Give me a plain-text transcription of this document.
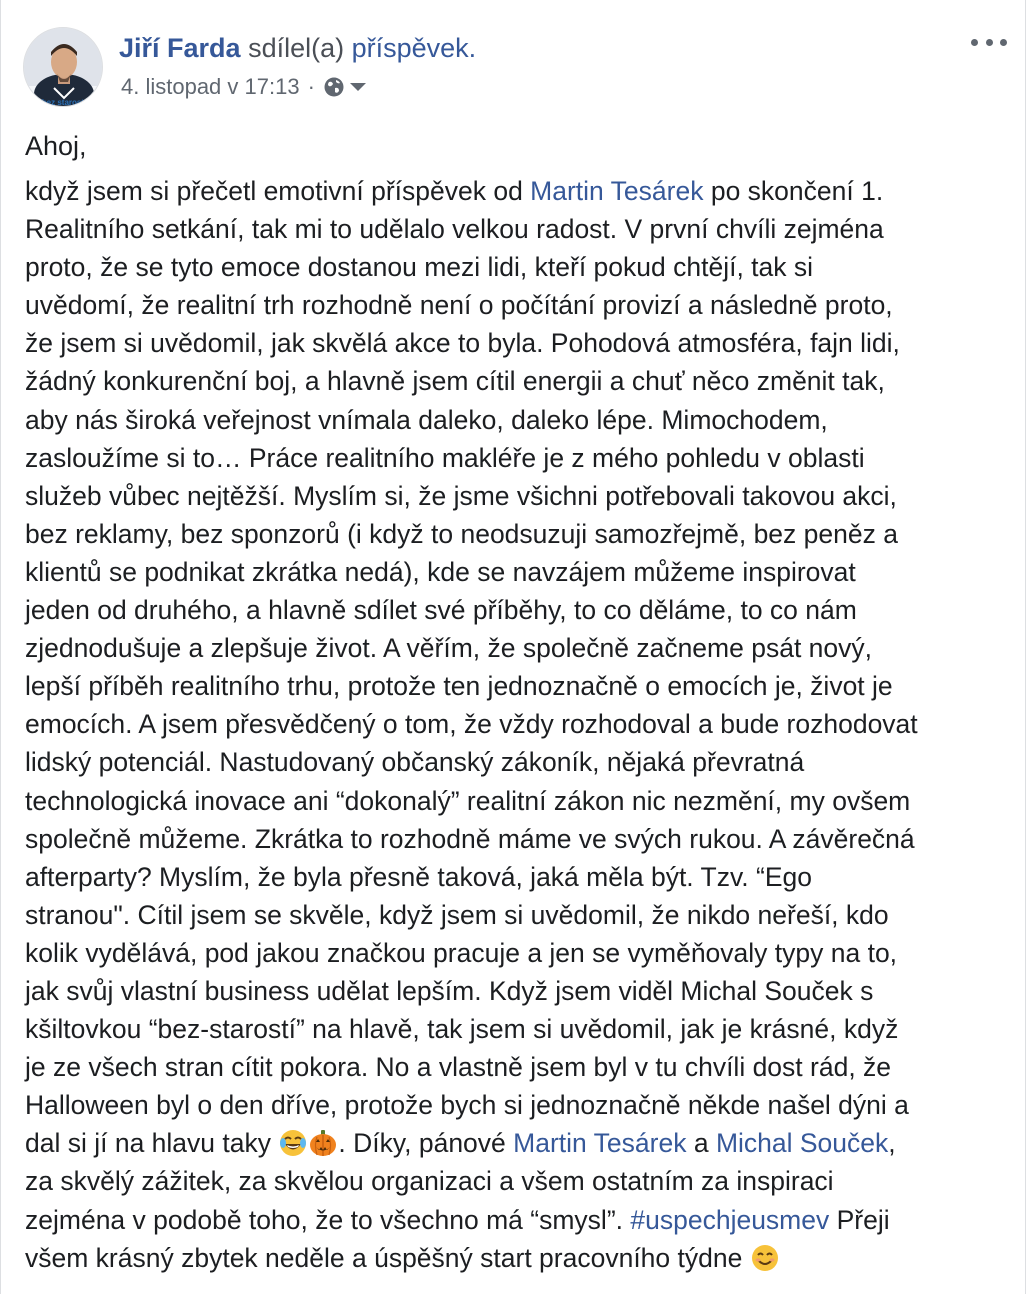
bez starostí
Jiří Farda sdílel(a) příspěvek.
4. listopad v 17:13 ·
Ahoj,
když jsem si přečetl emotivní příspěvek od Martin Tesárek po skončení 1.
Realitního setkání, tak mi to udělalo velkou radost. V první chvíli zejména
proto, že se tyto emoce dostanou mezi lidi, kteří pokud chtějí, tak si
uvědomí, že realitní trh rozhodně není o počítání provizí a následně proto,
že jsem si uvědomil, jak skvělá akce to byla. Pohodová atmosféra, fajn lidi,
žádný konkurenční boj, a hlavně jsem cítil energii a chuť něco změnit tak,
aby nás široká veřejnost vnímala daleko, daleko lépe. Mimochodem,
zasloužíme si to… Práce realitního makléře je z mého pohledu v oblasti
služeb vůbec nejtěžší. Myslím si, že jsme všichni potřebovali takovou akci,
bez reklamy, bez sponzorů (i když to neodsuzuji samozřejmě, bez peněz a
klientů se podnikat zkrátka nedá), kde se navzájem můžeme inspirovat
jeden od druhého, a hlavně sdílet své příběhy, to co děláme, to co nám
zjednodušuje a zlepšuje život. A věřím, že společně začneme psát nový,
lepší příběh realitního trhu, protože ten jednoznačně o emocích je, život je
emocích. A jsem přesvědčený o tom, že vždy rozhodoval a bude rozhodovat
lidský potenciál. Nastudovaný občanský zákoník, nějaká převratná
technologická inovace ani “dokonalý” realitní zákon nic nezmění, my ovšem
společně můžeme. Zkrátka to rozhodně máme ve svých rukou. A závěrečná
afterparty? Myslím, že byla přesně taková, jaká měla být. Tzv. “Ego
stranou". Cítil jsem se skvěle, když jsem si uvědomil, že nikdo neřeší, kdo
kolik vydělává, pod jakou značkou pracuje a jen se vyměňovaly typy na to,
jak svůj vlastní business udělat lepším. Když jsem viděl Michal Souček s
kšiltovkou “bez-starostí” na hlavě, tak jsem si uvědomil, jak je krásné, když
je ze všech stran cítit pokora. No a vlastně jsem byl v tu chvíli dost rád, že
Halloween byl o den dříve, protože bych si jednoznačně někde našel dýni a
dal si jí na hlavu taky . Díky, pánové Martin Tesárek a Michal Souček,
za skvělý zážitek, za skvělou organizaci a všem ostatním za inspiraci
zejména v podobě toho, že to všechno má “smysl”. #uspechjeusmev Přeji
všem krásný zbytek neděle a úspěšný start pracovního týdne
